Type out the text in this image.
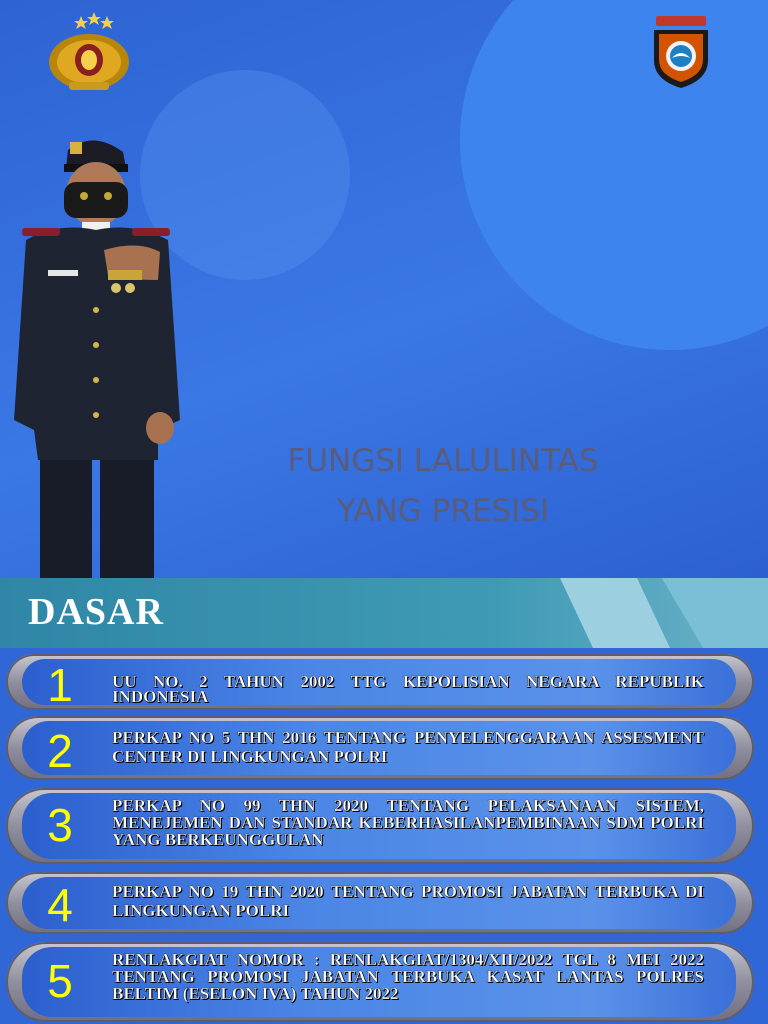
FUNGSI LALULINTAS
YANG PRESISI
DASAR
1	UU NO. 2 TAHUN 2002 TTG KEPOLISIAN NEGARA REPUBLIK INDONESIA
2	PERKAP NO 5 THN 2016 TENTANG PENYELENGGARAAN ASSESMENT CENTER DI LINGKUNGAN POLRI
3	PERKAP NO 99 THN 2020 TENTANG PELAKSANAAN SISTEM, MENEJEMEN DAN STANDAR KEBERHASILANPEMBINAAN SDM POLRI YANG BERKEUNGGULAN
4	PERKAP NO 19 THN 2020 TENTANG PROMOSI JABATAN TERBUKA DI LINGKUNGAN POLRI
5	RENLAKGIAT NOMOR : RENLAKGIAT/1304/XII/2022 TGL 8 MEI 2022 TENTANG PROMOSI JABATAN TERBUKA KASAT LANTAS POLRES BELTIM (ESELON IVA) TAHUN 2022
